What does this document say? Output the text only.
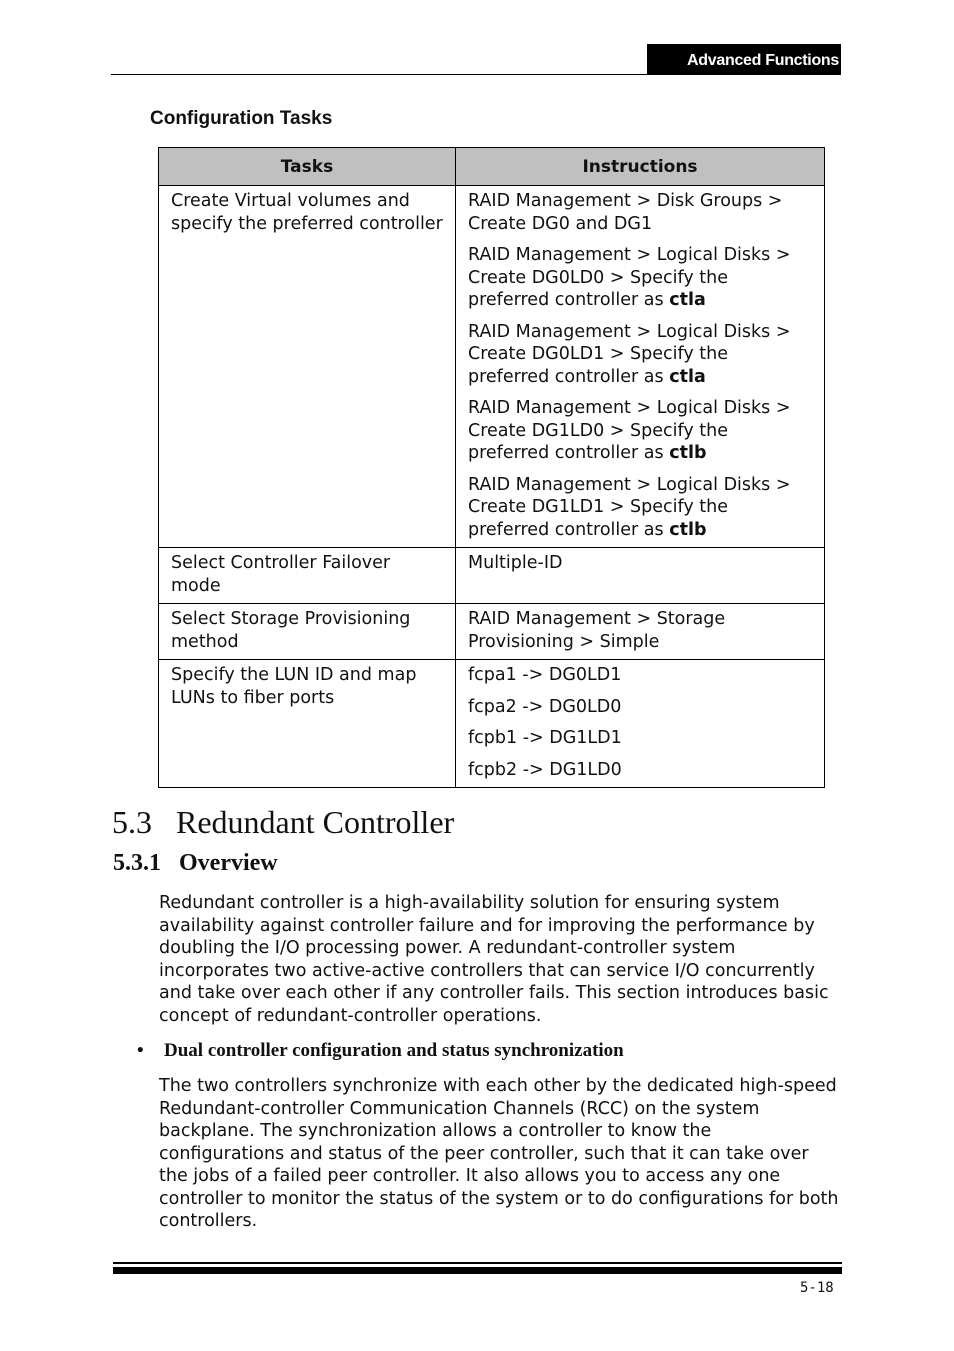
Advanced Functions
Configuration Tasks
Tasks	Instructions
Create Virtual volumes and specify the preferred controller	RAID Management > Disk Groups > Create DG0 and DG1

RAID Management > Logical Disks > Create DG0LD0 > Specify the preferred controller as ctla

RAID Management > Logical Disks > Create DG0LD1 > Specify the preferred controller as ctla

RAID Management > Logical Disks > Create DG1LD0 > Specify the preferred controller as ctlb

RAID Management > Logical Disks > Create DG1LD1 > Specify the preferred controller as ctlb

Select Controller Failover mode	Multiple-ID

Select Storage Provisioning method	RAID Management > Storage Provisioning > Simple

Specify the LUN ID and map LUNs to fiber ports	fcpa1 -> DG0LD1

fcpa2 -> DG0LD0

fcpb1 -> DG1LD1

fcpb2 -> DG1LD0

5.3 Redundant Controller
5.3.1 Overview

Redundant controller is a high-availability solution for ensuring system availability against controller failure and for improving the performance by doubling the I/O processing power. A redundant-controller system incorporates two active-active controllers that can service I/O concurrently and take over each other if any controller fails. This section introduces basic concept of redundant-controller operations.

• Dual controller configuration and status synchronization

The two controllers synchronize with each other by the dedicated high-speed Redundant-controller Communication Channels (RCC) on the system backplane. The synchronization allows a controller to know the configurations and status of the peer controller, such that it can take over the jobs of a failed peer controller. It also allows you to access any one controller to monitor the status of the system or to do configurations for both controllers.

5-18
